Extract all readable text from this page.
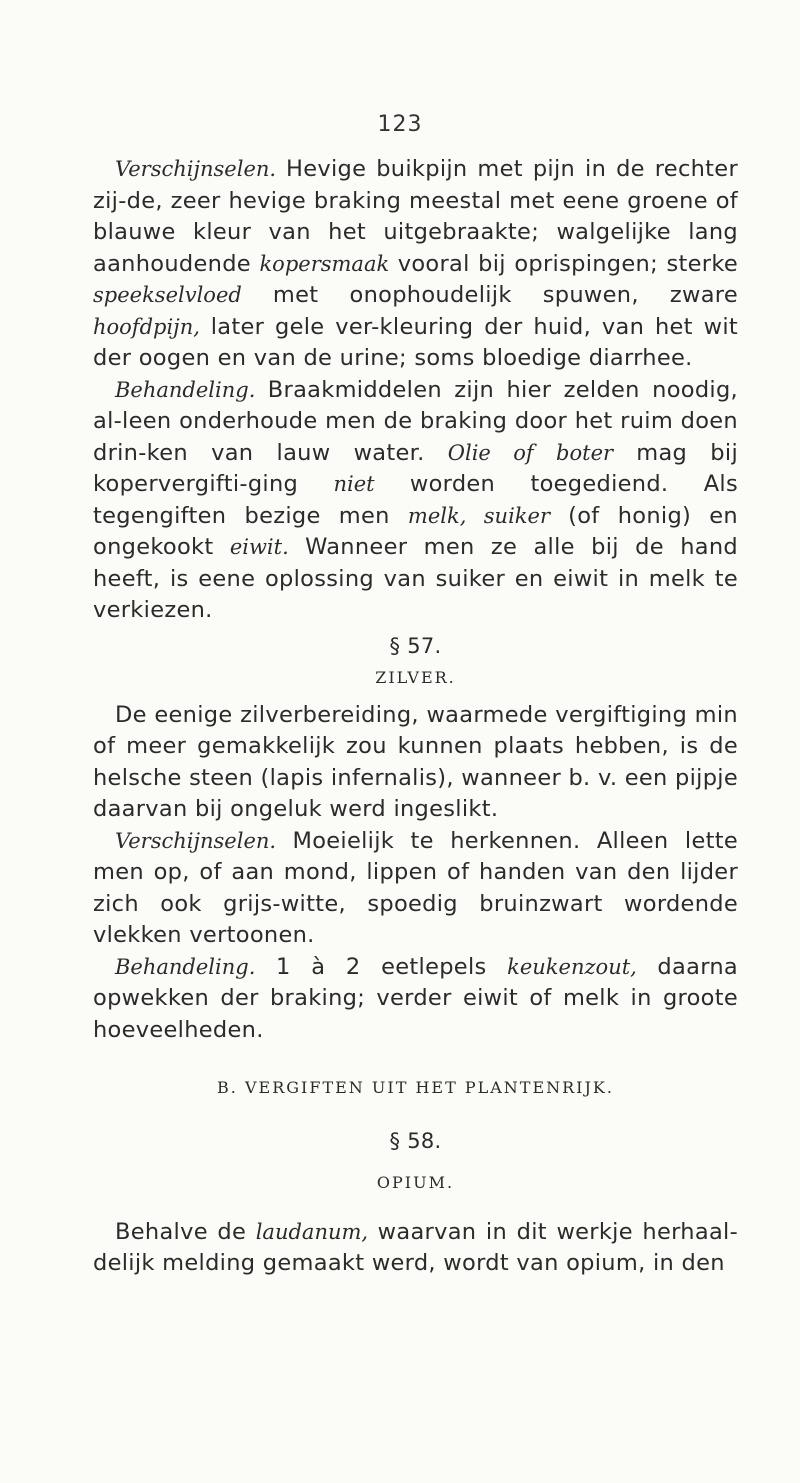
123

Verschijnselen. Hevige buikpijn met pijn in de rechter zij-de, zeer hevige braking meestal met eene groene of blauwe kleur van het uitgebraakte; walgelijke lang aanhoudende kopersmaak vooral bij oprispingen; sterke speekselvloed met onophoudelijk spuwen, zware hoofdpijn, later gele ver-kleuring der huid, van het wit der oogen en van de urine; soms bloedige diarrhee.

Behandeling. Braakmiddelen zijn hier zelden noodig, al-leen onderhoude men de braking door het ruim doen drin-ken van lauw water. Olie of boter mag bij kopervergifti-ging niet worden toegediend. Als tegengiften bezige men melk, suiker (of honig) en ongekookt eiwit. Wanneer men ze alle bij de hand heeft, is eene oplossing van suiker en eiwit in melk te verkiezen.

§ 57.
ZILVER.

De eenige zilverbereiding, waarmede vergiftiging min of meer gemakkelijk zou kunnen plaats hebben, is de helsche steen (lapis infernalis), wanneer b. v. een pijpje daarvan bij ongeluk werd ingeslikt.

Verschijnselen. Moeielijk te herkennen. Alleen lette men op, of aan mond, lippen of handen van den lijder zich ook grijs-witte, spoedig bruinzwart wordende vlekken vertoonen.

Behandeling. 1 à 2 eetlepels keukenzout, daarna opwekken der braking; verder eiwit of melk in groote hoeveelheden.

B. VERGIFTEN UIT HET PLANTENRIJK.
§ 58.
OPIUM.

Behalve de laudanum, waarvan in dit werkje herhaal-delijk melding gemaakt werd, wordt van opium, in den
